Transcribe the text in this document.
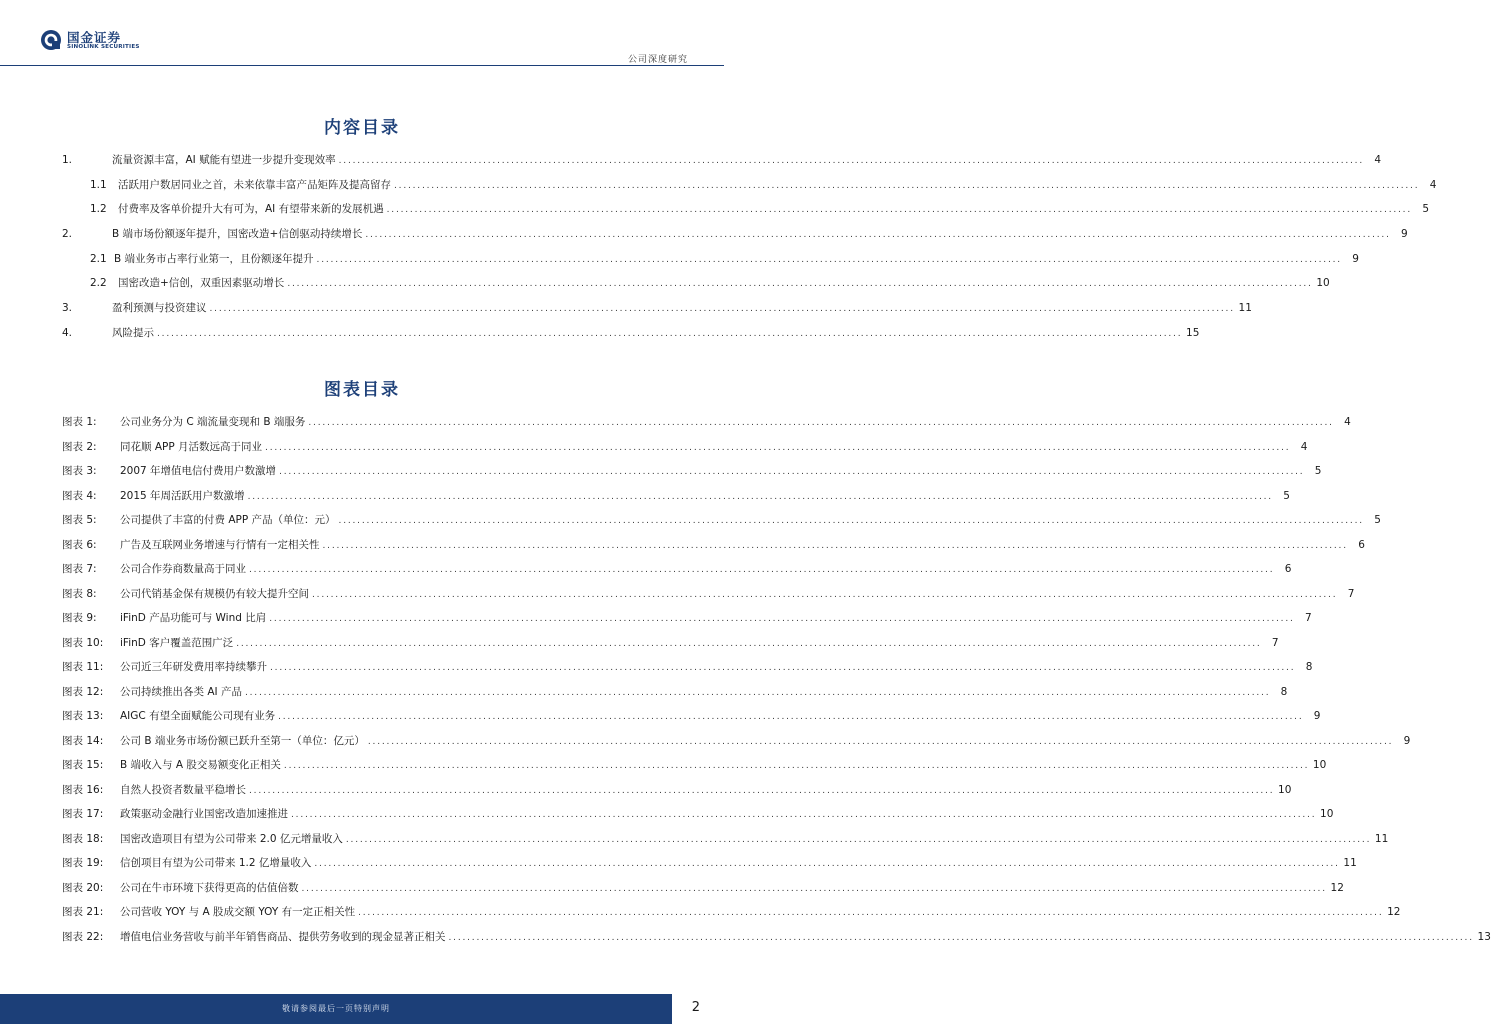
国金证券
SINOLINK SECURITIES
公司深度研究
内容目录
1.	流量资源丰富，AI 赋能有望进一步提升变现效率 ............................................................................................................................................................................................................................ 4
1.1	活跃用户数居同业之首，未来依靠丰富产品矩阵及提高留存 ............................................................................................................................................................................................................................ 4
1.2	付费率及客单价提升大有可为，AI 有望带来新的发展机遇 ............................................................................................................................................................................................................................ 5
2.	B 端市场份额逐年提升，国密改造+信创驱动持续增长 ............................................................................................................................................................................................................................ 9
2.1 B 端业务市占率行业第一，且份额逐年提升 ............................................................................................................................................................................................................................ 9
2.2	国密改造+信创，双重因素驱动增长 ............................................................................................................................................................................................................................ 10
3.	盈利预测与投资建议 ............................................................................................................................................................................................................................ 11
4.	风险提示 ............................................................................................................................................................................................................................ 15
图表目录
图表 1:	公司业务分为 C 端流量变现和 B 端服务 ............................................................................................................................................................................................................................ 4
图表 2:	同花顺 APP 月活数远高于同业 ............................................................................................................................................................................................................................ 4
图表 3:	2007 年增值电信付费用户数激增 ............................................................................................................................................................................................................................ 5
图表 4:	2015 年周活跃用户数激增 ............................................................................................................................................................................................................................ 5
图表 5:	公司提供了丰富的付费 APP 产品（单位：元） ............................................................................................................................................................................................................................ 5
图表 6:	广告及互联网业务增速与行情有一定相关性 ............................................................................................................................................................................................................................ 6
图表 7:	公司合作券商数量高于同业 ............................................................................................................................................................................................................................ 6
图表 8:	公司代销基金保有规模仍有较大提升空间 ............................................................................................................................................................................................................................ 7
图表 9:	iFinD 产品功能可与 Wind 比肩 ............................................................................................................................................................................................................................ 7
图表 10:	iFinD 客户覆盖范围广泛 ............................................................................................................................................................................................................................ 7
图表 11:	公司近三年研发费用率持续攀升 ............................................................................................................................................................................................................................ 8
图表 12:	公司持续推出各类 AI 产品 ............................................................................................................................................................................................................................ 8
图表 13:	AIGC 有望全面赋能公司现有业务 ............................................................................................................................................................................................................................ 9
图表 14:	公司 B 端业务市场份额已跃升至第一（单位：亿元） ............................................................................................................................................................................................................................ 9
图表 15:	B 端收入与 A 股交易额变化正相关 ............................................................................................................................................................................................................................ 10
图表 16:	自然人投资者数量平稳增长 ............................................................................................................................................................................................................................ 10
图表 17:	政策驱动金融行业国密改造加速推进 ............................................................................................................................................................................................................................ 10
图表 18:	国密改造项目有望为公司带来 2.0 亿元增量收入 ............................................................................................................................................................................................................................ 11
图表 19:	信创项目有望为公司带来 1.2 亿增量收入 ............................................................................................................................................................................................................................ 11
图表 20:	公司在牛市环境下获得更高的估值倍数 ............................................................................................................................................................................................................................ 12
图表 21:	公司营收 YOY 与 A 股成交额 YOY 有一定正相关性 ............................................................................................................................................................................................................................ 12
图表 22:	增值电信业务营收与前半年销售商品、提供劳务收到的现金显著正相关 ............................................................................................................................................................................................................................ 13
敬请参阅最后一页特别声明	2
